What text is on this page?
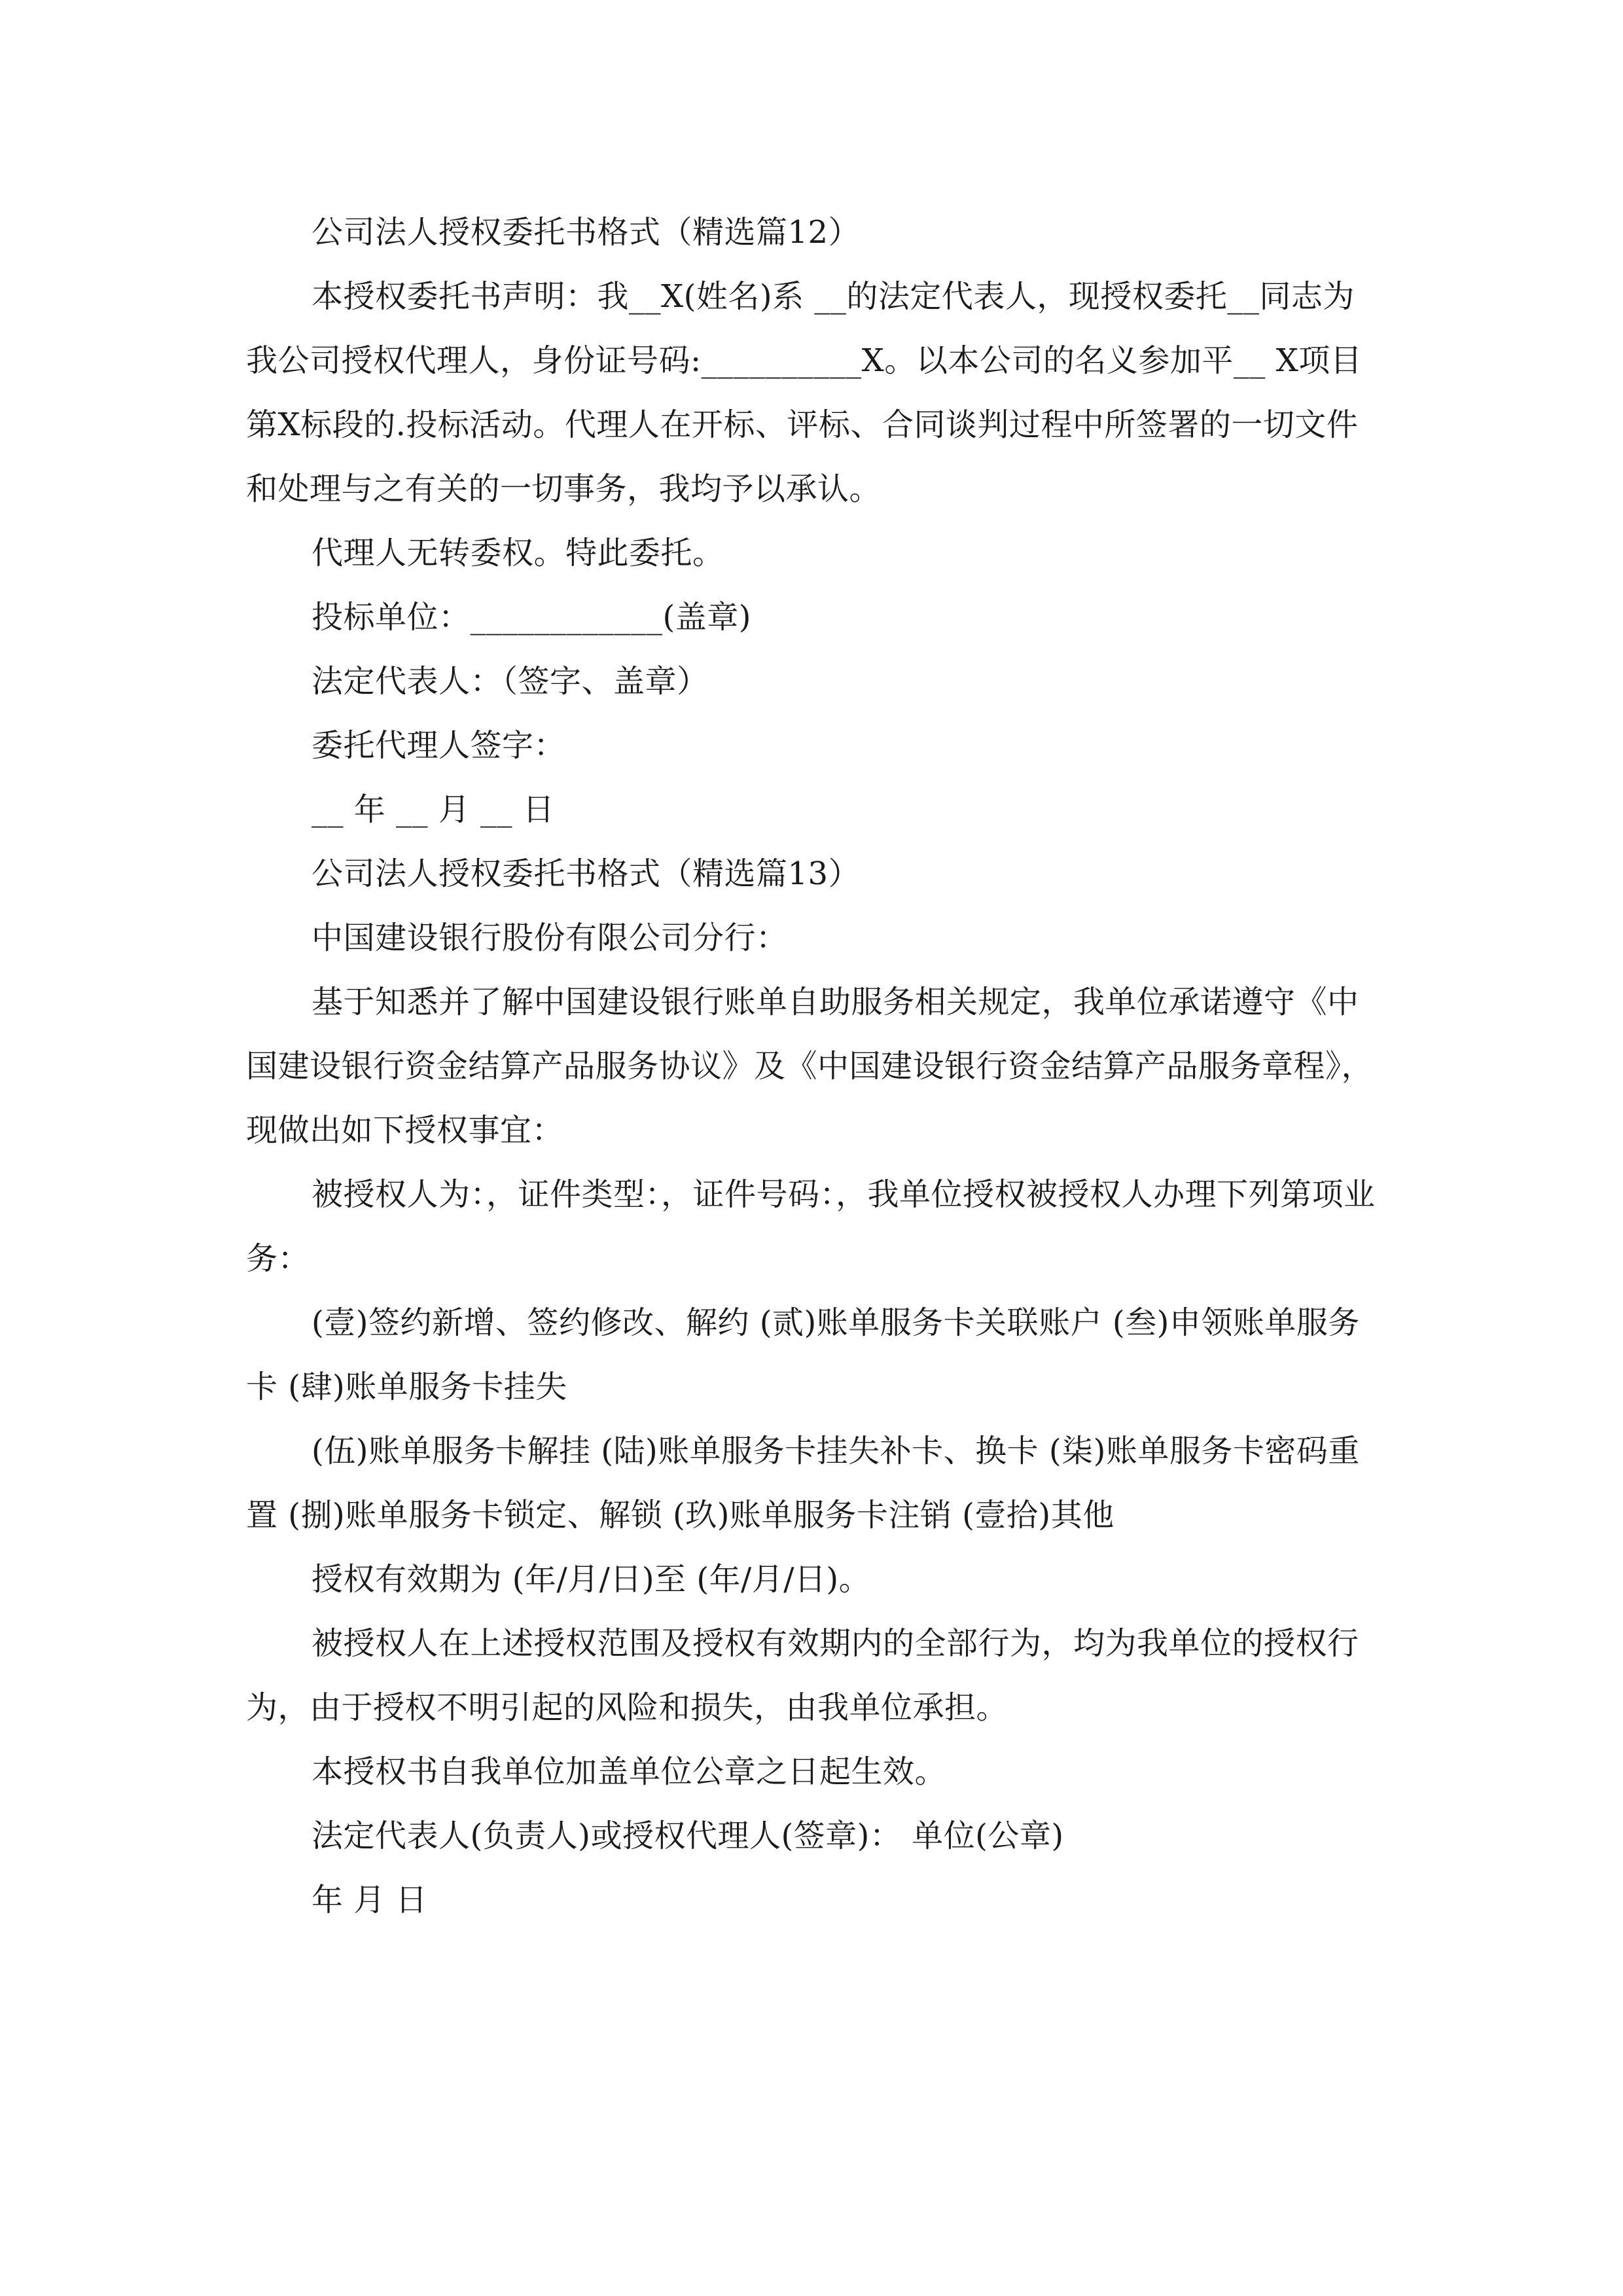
公司法人授权委托书格式（精选篇12）

本授权委托书声明：我__X(姓名)系 __的法定代表人，现授权委托__同志为我公司授权代理人，身份证号码:__________X。以本公司的名义参加平__ X项目第X标段的.投标活动。代理人在开标、评标、合同谈判过程中所签署的一切文件和处理与之有关的一切事务，我均予以承认。

代理人无转委权。特此委托。

投标单位：____________(盖章)

法定代表人：（签字、盖章）

委托代理人签字：

__ 年 __ 月 __ 日

公司法人授权委托书格式（精选篇13）

中国建设银行股份有限公司分行：

基于知悉并了解中国建设银行账单自助服务相关规定，我单位承诺遵守《中国建设银行资金结算产品服务协议》及《中国建设银行资金结算产品服务章程》，现做出如下授权事宜：

被授权人为：，证件类型：，证件号码：，我单位授权被授权人办理下列第项业务：

(壹)签约新增、签约修改、解约 (贰)账单服务卡关联账户 (叁)申领账单服务卡 (肆)账单服务卡挂失

(伍)账单服务卡解挂 (陆)账单服务卡挂失补卡、换卡 (柒)账单服务卡密码重置 (捌)账单服务卡锁定、解锁 (玖)账单服务卡注销 (壹拾)其他

授权有效期为 (年/月/日)至 (年/月/日)。

被授权人在上述授权范围及授权有效期内的全部行为，均为我单位的授权行为，由于授权不明引起的风险和损失，由我单位承担。

本授权书自我单位加盖单位公章之日起生效。

法定代表人(负责人)或授权代理人(签章)： 单位(公章)

年 月 日
